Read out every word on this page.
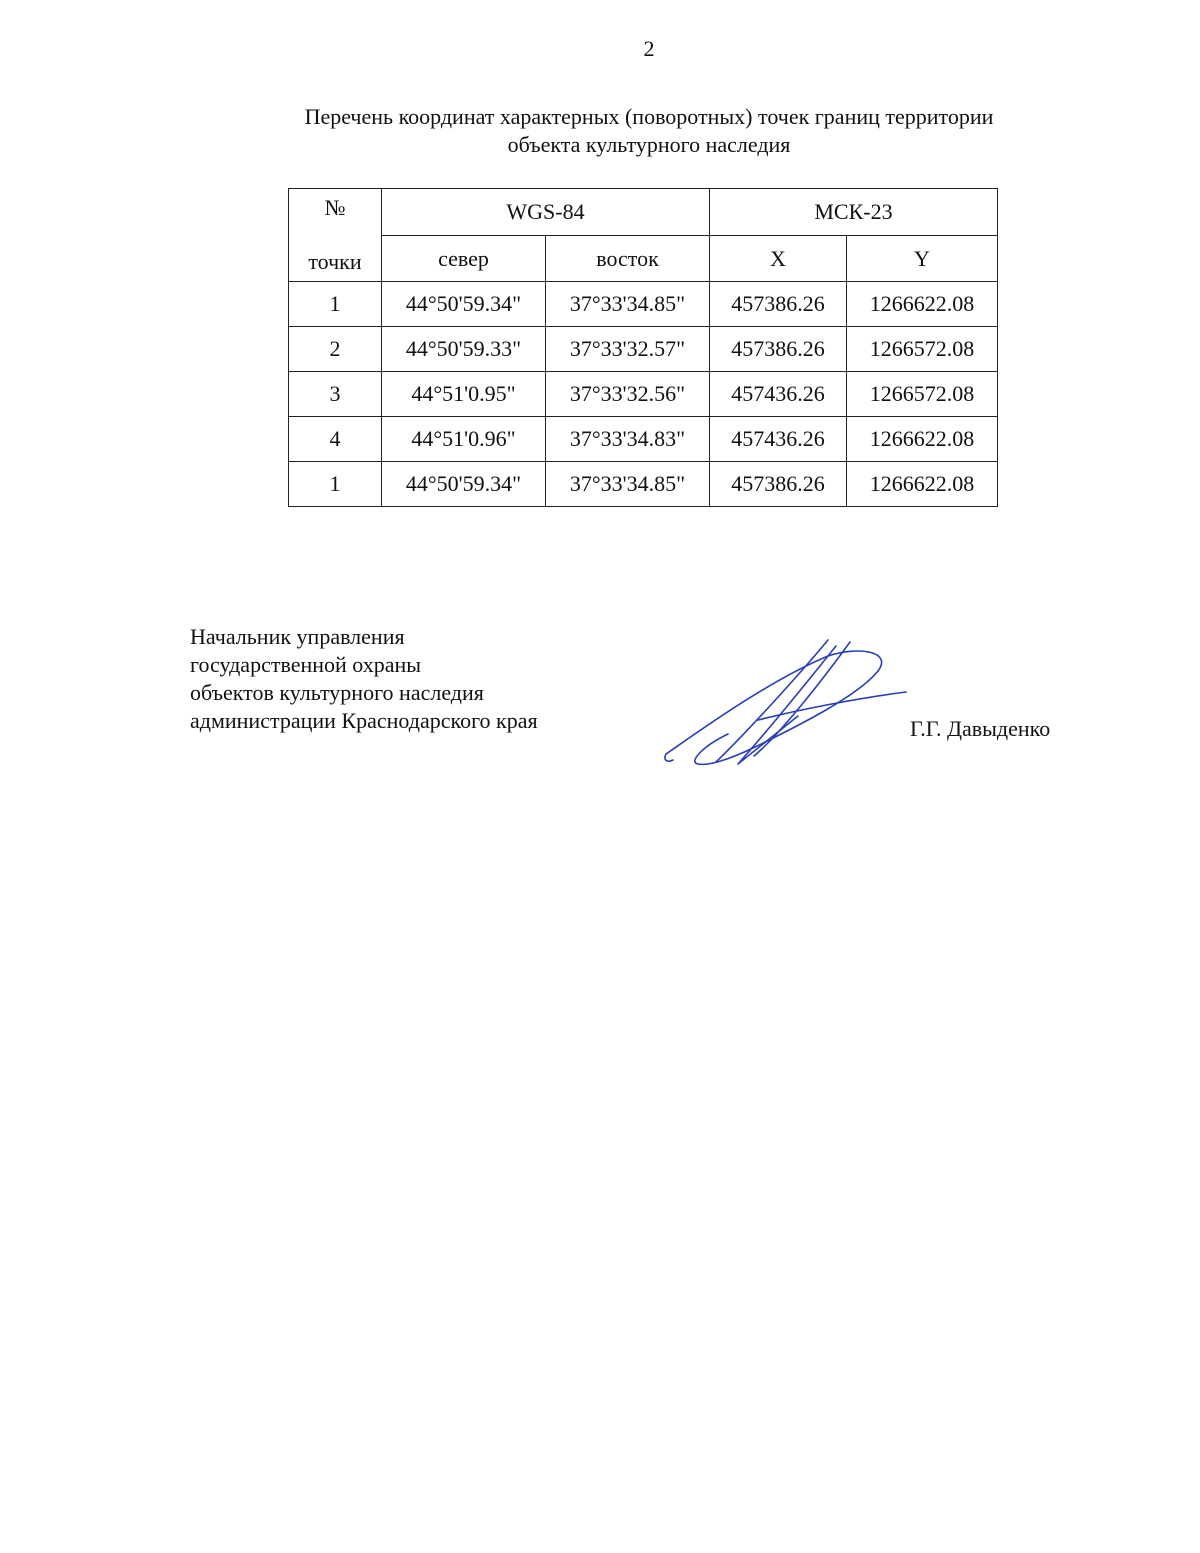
2
Перечень координат характерных (поворотных) точек границ территории
объекта культурного наследия
№
точки	WGS-84		МСК-23	
	север	восток	X	Y
1	44°50'59.34"	37°33'34.85"	457386.26	1266622.08
2	44°50'59.33"	37°33'32.57"	457386.26	1266572.08
3	44°51'0.95"	37°33'32.56"	457436.26	1266572.08
4	44°51'0.96"	37°33'34.83"	457436.26	1266622.08
1	44°50'59.34"	37°33'34.85"	457386.26	1266622.08
Начальник управления
государственной охраны
объектов культурного наследия
администрации Краснодарского края	Г.Г. Давыденко
